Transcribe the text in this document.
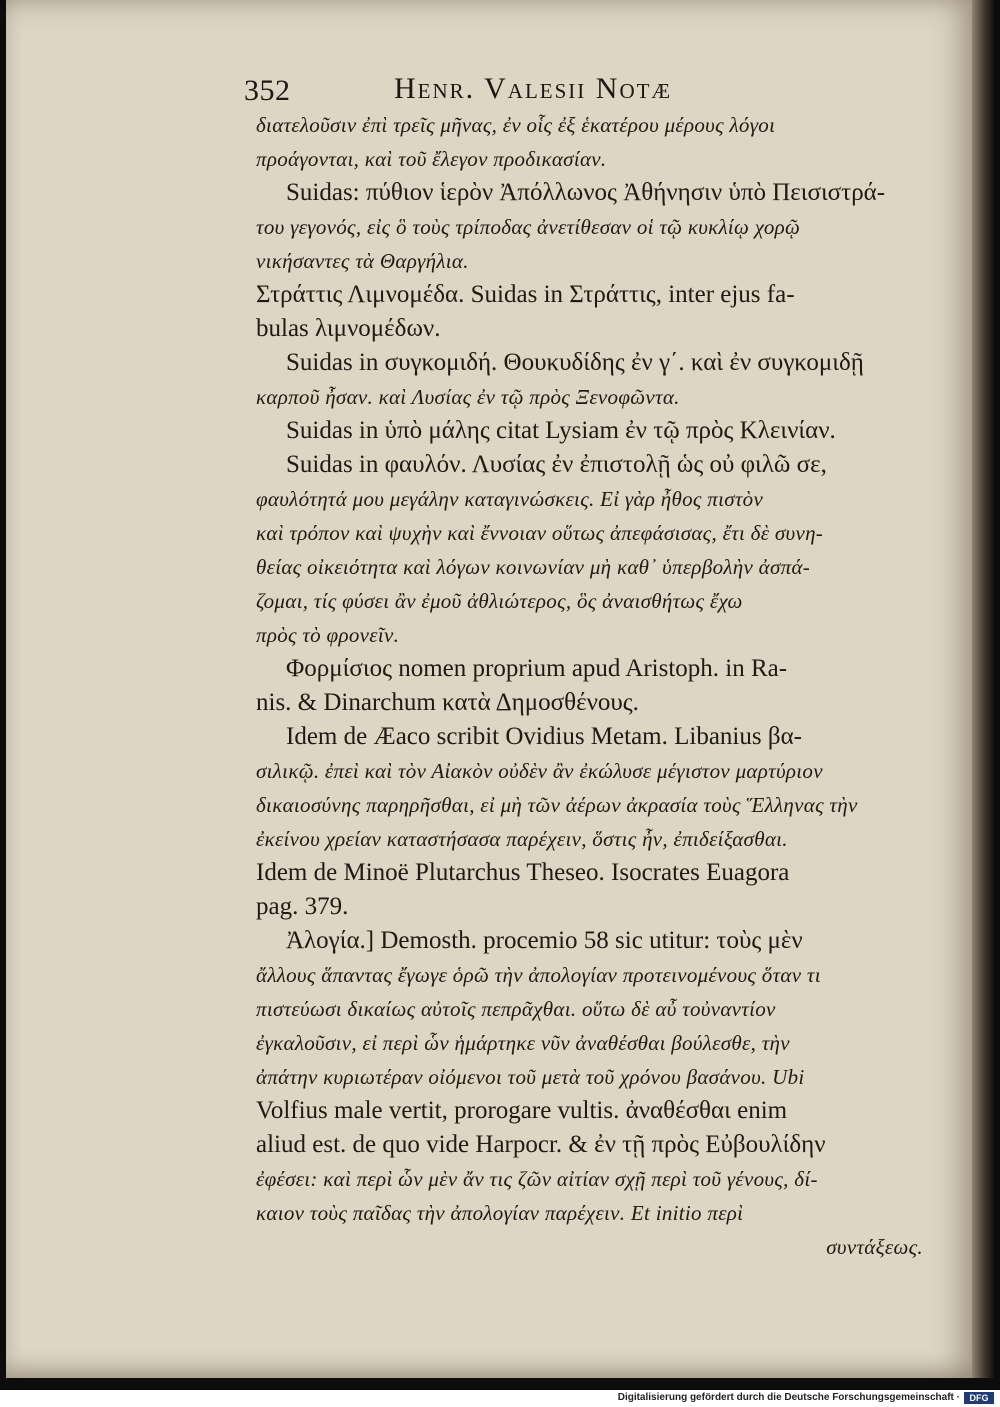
352	Henr. Valesii Notæ
διατελοῦσιν ἐπὶ τρεῖς μῆνας, ἐν οἷς ἐξ ἑκατέρου μέρους λόγοι
προάγονται, καὶ τοῦ ἔλεγον προδικασίαν.
Suidas: πύθιον ἱερὸν Ἀπόλλωνος Ἀθήνησιν ὑπὸ Πεισιστρά-
του γεγονός, εἰς ὃ τοὺς τρίποδας ἀνετίθεσαν οἱ τῷ κυκλίῳ χορῷ
νικήσαντες τὰ Θαργήλια.
Στράττις Λιμνομέδα. Suidas in Στράττις, inter ejus fa-
bulas λιμνομέδων.
Suidas in συγκομιδή. Θουκυδίδης ἐν γ΄. καὶ ἐν συγκομιδῇ
καρποῦ ἦσαν. καὶ Λυσίας ἐν τῷ πρὸς Ξενοφῶντα.
Suidas in ὑπὸ μάλης citat Lysiam ἐν τῷ πρὸς Κλεινίαν.
Suidas in φαυλόν. Λυσίας ἐν ἐπιστολῇ ὡς οὐ φιλῶ σε,
φαυλότητά μου μεγάλην καταγινώσκεις. Εἰ γὰρ ἦθος πιστὸν
καὶ τρόπον καὶ ψυχὴν καὶ ἔννοιαν οὕτως ἀπεφάσισας, ἔτι δὲ συνη-
θείας οἰκειότητα καὶ λόγων κοινωνίαν μὴ καθ᾽ ὑπερβολὴν ἀσπά-
ζομαι, τίς φύσει ἂν ἐμοῦ ἀθλιώτερος, ὃς ἀναισθήτως ἔχω
πρὸς τὸ φρονεῖν.
Φορμίσιος nomen proprium apud Aristoph. in Ra-
nis. & Dinarchum κατὰ Δημοσθένους.
Idem de Æaco scribit Ovidius Metam. Libanius βα-
σιλικῷ. ἐπεὶ καὶ τὸν Αἰακὸν οὐδὲν ἂν ἐκώλυσε μέγιστον μαρτύριον
δικαιοσύνης παρηρῆσθαι, εἰ μὴ τῶν ἀέρων ἀκρασία τοὺς Ἕλληνας τὴν
ἐκείνου χρείαν καταστήσασα παρέχειν, ὅστις ἦν, ἐπιδείξασθαι.
Idem de Minoë Plutarchus Theseo. Isocrates Euagora
pag. 379.
Ἀλογία.] Demosth. procemio 58 sic utitur: τοὺς μὲν
ἄλλους ἅπαντας ἔγωγε ὁρῶ τὴν ἀπολογίαν προτεινομένους ὅταν τι
πιστεύωσι δικαίως αὐτοῖς πεπρᾶχθαι. οὕτω δὲ αὖ τοὐναντίον
ἐγκαλοῦσιν, εἰ περὶ ὧν ἡμάρτηκε νῦν ἀναθέσθαι βούλεσθε, τὴν
ἀπάτην κυριωτέραν οἰόμενοι τοῦ μετὰ τοῦ χρόνου βασάνου. Ubi
Volfius male vertit, prorogare vultis. ἀναθέσθαι enim
aliud est. de quo vide Harpocr. & ἐν τῇ πρὸς Εὐβουλίδην
ἐφέσει: καὶ περὶ ὧν μὲν ἄν τις ζῶν αἰτίαν σχῇ περὶ τοῦ γένους, δί-
καιον τοὺς παῖδας τὴν ἀπολογίαν παρέχειν. Et initio περὶ
συντάξεως.
Digitalisierung gefördert durch die Deutsche Forschungsgemeinschaft ·	DFG
